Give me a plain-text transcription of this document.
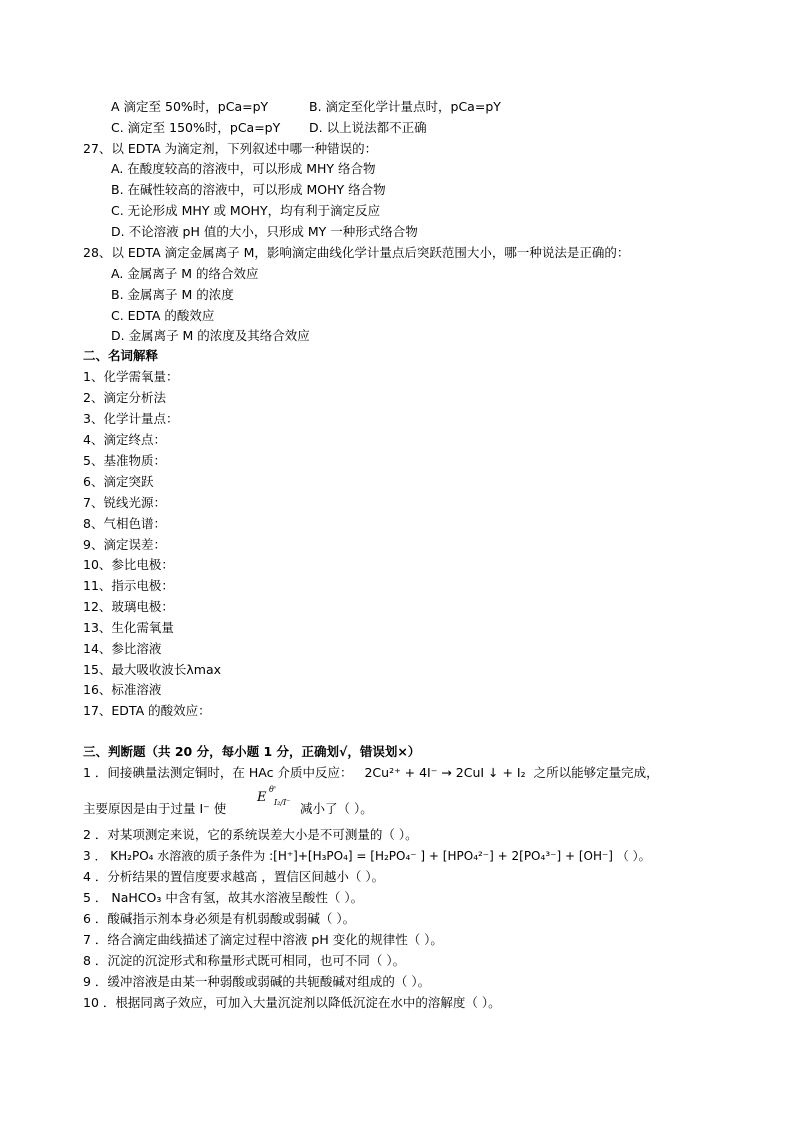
A 滴定至 50%时，pCa=pY	B. 滴定至化学计量点时，pCa=pY
C. 滴定至 150%时，pCa=pY D. 以上说法都不正确
27、以 EDTA 为滴定剂，下列叙述中哪一种错误的：
A. 在酸度较高的溶液中，可以形成 MHY 络合物
B. 在碱性较高的溶液中，可以形成 MOHY 络合物
C. 无论形成 MHY 或 MOHY，均有利于滴定反应
D. 不论溶液 pH 值的大小，只形成 MY 一种形式络合物
28、以 EDTA 滴定金属离子 M，影响滴定曲线化学计量点后突跃范围大小，哪一种说法是正确的：
A. 金属离子 M 的络合效应
B. 金属离子 M 的浓度
C. EDTA 的酸效应
D. 金属离子 M 的浓度及其络合效应
二、名词解释
1、化学需氧量：
2、滴定分析法
3、化学计量点：
4、滴定终点：
5、基准物质：
6、滴定突跃
7、锐线光源：
8、气相色谱：
9、滴定误差：
10、参比电极：
11、指示电极：
12、玻璃电极：
13、生化需氧量
14、参比溶液
15、最大吸收波长λmax
16、标准溶液
17、EDTA 的酸效应：
三、判断题（共 20 分，每小题 1 分，正确划√，错误划×）
1 ．间接碘量法测定铜时，在 HAc 介质中反应： 2Cu²⁺ + 4I⁻ → 2CuI ↓ + I₂ 之所以能够定量完成，
主要原因是由于过量 I⁻ 使
E
θ'
I₂/I⁻ 减小了（ ）。
2 ．对某项测定来说，它的系统误差大小是不可测量的（ ）。
3 ． KH₂PO₄ 水溶液的质子条件为 :[H⁺]+[H₃PO₄] = [H₂PO₄⁻ ] + [HPO₄²⁻] + 2[PO₄³⁻] + [OH⁻] （ ）。
4 ．分析结果的置信度要求越高 ，置信区间越小（ ）。
5 ． NaHCO₃ 中含有氢，故其水溶液呈酸性（ ）。
6 ．酸碱指示剂本身必须是有机弱酸或弱碱（ ）。
7 ．络合滴定曲线描述了滴定过程中溶液 pH 变化的规律性（ ）。
8 ．沉淀的沉淀形式和称量形式既可相同，也可不同（ ）。
9 ．缓冲溶液是由某一种弱酸或弱碱的共轭酸碱对组成的（ ）。
10 ．根据同离子效应，可加入大量沉淀剂以降低沉淀在水中的溶解度（ ）。
